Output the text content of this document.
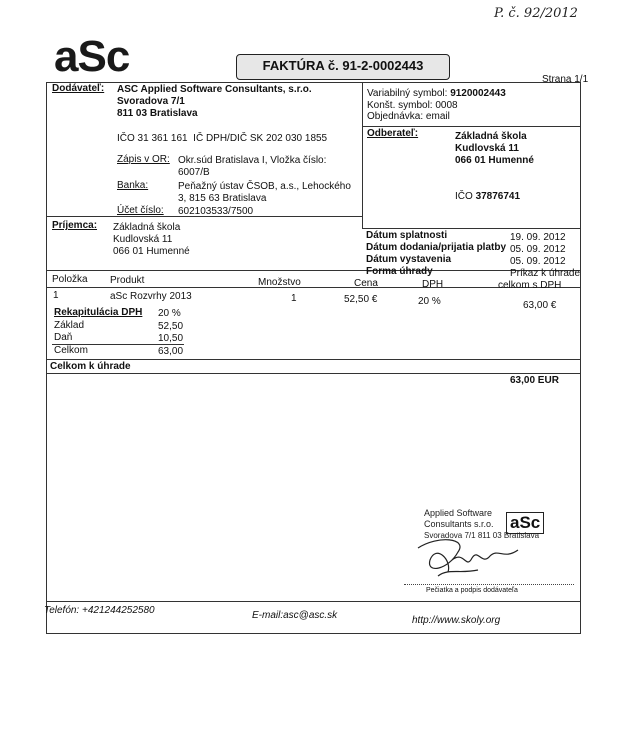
P. č. 92/2012
aSc	FAKTÚRA č. 91-2-0002443
Strana 1/1
Dodávateľ: ASC Applied Software Consultants, s.r.o.
Svoradova 7/1
811 03 Bratislava
IČO 31 361 161  IČ DPH/DIČ SK 202 030 1855
Zápis v OR: Okr.súd Bratislava I, Vložka číslo:
6007/B
Banka:	Peňažný ústav ČSOB, a.s., Lehockého
3, 815 63 Bratislava
Účet číslo: 602103533/7500
Variabilný symbol: 9120002443
Konšt. symbol: 0008
Objednávka: email
Odberateľ:	Základná škola
Kudlovská 11
066 01 Humenné
IČO 37876741
Príjemca: Základná škola
Kudlovská 11
066 01 Humenné
Dátum splatnosti	19. 09. 2012
Dátum dodania/prijatia platby 05. 09. 2012
Dátum vystavenia	05. 09. 2012
Forma úhrady	Príkaz k úhrade
Položka Produkt	Množstvo	Cena	DPH	celkom s DPH
1	aSc Rozvrhy 2013	1	52,50 €	20 %	63,00 €
Rekapitulácia DPH 20 %
Základ	52,50
Daň	10,50
Celkom	63,00
Celkom k úhrade
63,00 EUR
Applied Software
Consultants s.r.o.
Svoradova 7/1 811 03 Bratislava
aSc
Pečiatka a podpis dodávateľa
Telefón: +421244252580	E-mail:asc@asc.sk	http://www.skoly.org
